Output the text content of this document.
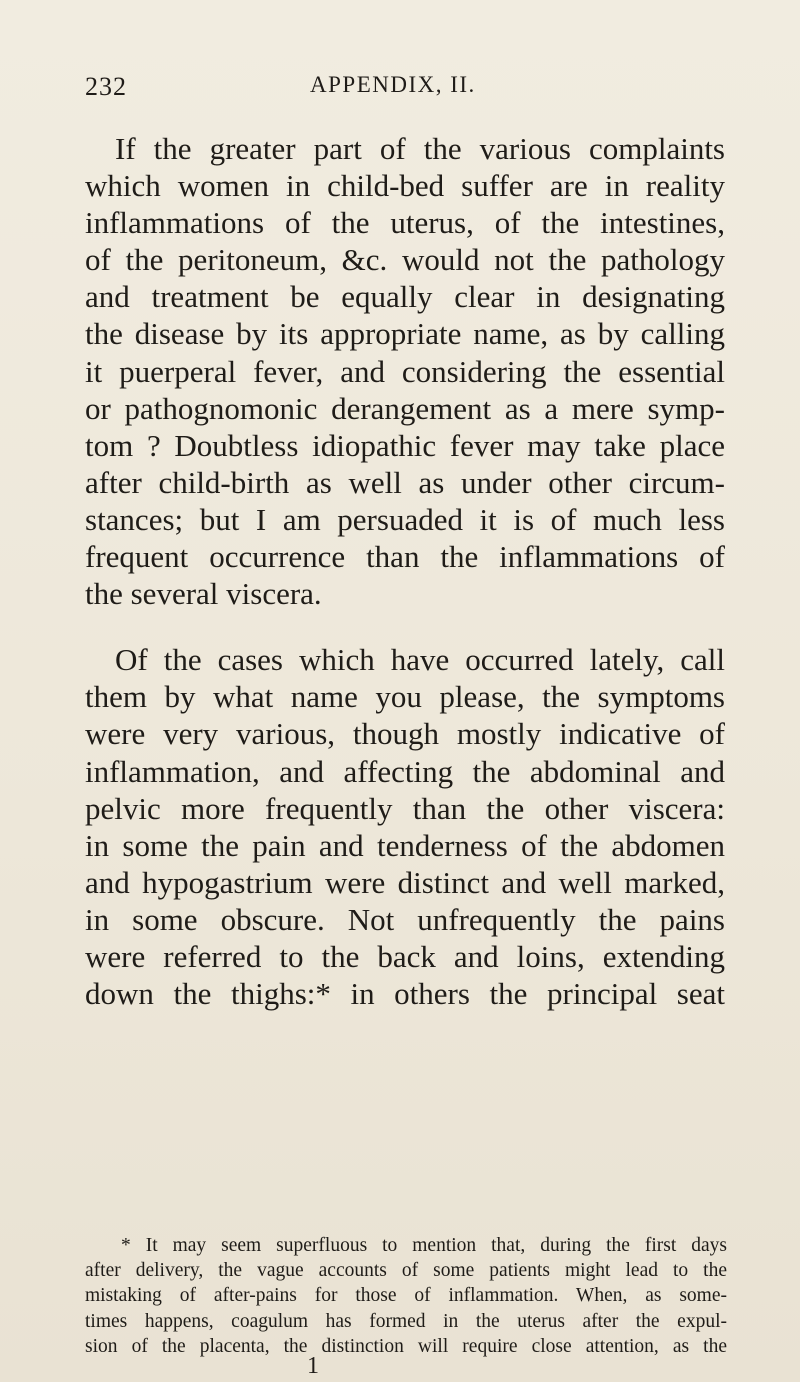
232	APPENDIX, II.

If the greater part of the various complaints
which women in child-bed suffer are in reality
inflammations of the uterus, of the intestines,
of the peritoneum, &c. would not the pathology
and treatment be equally clear in designating
the disease by its appropriate name, as by calling
it puerperal fever, and considering the essential
or pathognomonic derangement as a mere symp-
tom ? Doubtless idiopathic fever may take place
after child-birth as well as under other circum-
stances; but I am persuaded it is of much less
frequent occurrence than the inflammations of
the several viscera.

Of the cases which have occurred lately, call
them by what name you please, the symptoms
were very various, though mostly indicative of
inflammation, and affecting the abdominal and
pelvic more frequently than the other viscera:
in some the pain and tenderness of the abdomen
and hypogastrium were distinct and well marked,
in some obscure. Not unfrequently the pains
were referred to the back and loins, extending
down the thighs:* in others the principal seat

* It may seem superfluous to mention that, during the first days
after delivery, the vague accounts of some patients might lead to the
mistaking of after-pains for those of inflammation. When, as some-
times happens, coagulum has formed in the uterus after the expul-
sion of the placenta, the distinction will require close attention, as the
1
